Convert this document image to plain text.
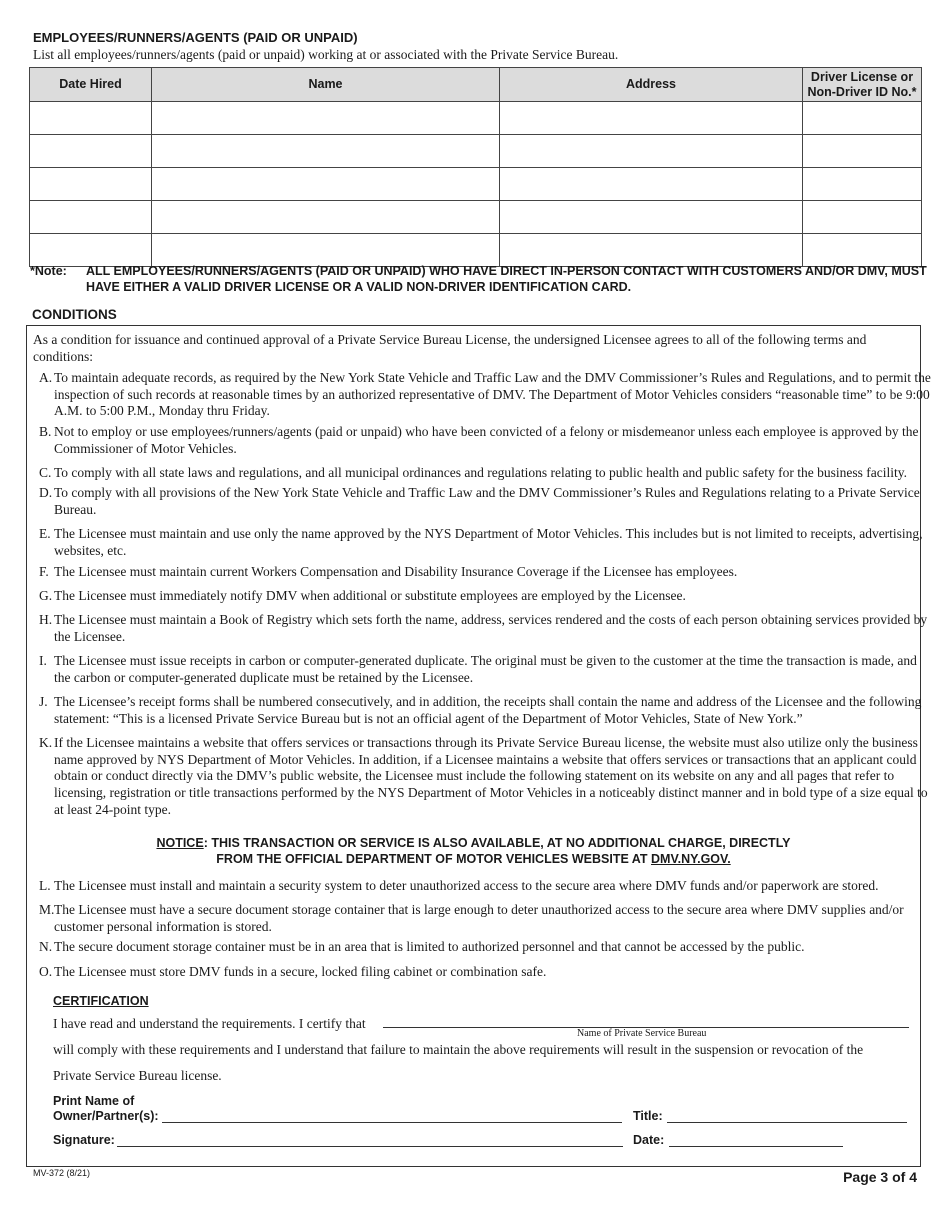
EMPLOYEES/RUNNERS/AGENTS (PAID OR UNPAID)
List all employees/runners/agents (paid or unpaid) working at or associated with the Private Service Bureau.
Date Hired	Name	Address	Driver License or Non-Driver ID No.*

*Note: ALL EMPLOYEES/RUNNERS/AGENTS (PAID OR UNPAID) WHO HAVE DIRECT IN-PERSON CONTACT WITH CUSTOMERS AND/OR DMV, MUST HAVE EITHER A VALID DRIVER LICENSE OR A VALID NON-DRIVER IDENTIFICATION CARD.
CONDITIONS
As a condition for issuance and continued approval of a Private Service Bureau License, the undersigned Licensee agrees to all of the following terms and conditions:
A. To maintain adequate records, as required by the New York State Vehicle and Traffic Law and the DMV Commissioner’s Rules and Regulations, and to permit the inspection of such records at reasonable times by an authorized representative of DMV. The Department of Motor Vehicles considers “reasonable time” to be 9:00 A.M. to 5:00 P.M., Monday thru Friday.
B. Not to employ or use employees/runners/agents (paid or unpaid) who have been convicted of a felony or misdemeanor unless each employee is approved by the Commissioner of Motor Vehicles.
C. To comply with all state laws and regulations, and all municipal ordinances and regulations relating to public health and public safety for the business facility.
D. To comply with all provisions of the New York State Vehicle and Traffic Law and the DMV Commissioner’s Rules and Regulations relating to a Private Service Bureau.
E. The Licensee must maintain and use only the name approved by the NYS Department of Motor Vehicles. This includes but is not limited to receipts, advertising, websites, etc.
F. The Licensee must maintain current Workers Compensation and Disability Insurance Coverage if the Licensee has employees.
G. The Licensee must immediately notify DMV when additional or substitute employees are employed by the Licensee.
H. The Licensee must maintain a Book of Registry which sets forth the name, address, services rendered and the costs of each person obtaining services provided by the Licensee.
I. The Licensee must issue receipts in carbon or computer-generated duplicate. The original must be given to the customer at the time the transaction is made, and the carbon or computer-generated duplicate must be retained by the Licensee.
J. The Licensee’s receipt forms shall be numbered consecutively, and in addition, the receipts shall contain the name and address of the Licensee and the following statement: “This is a licensed Private Service Bureau but is not an official agent of the Department of Motor Vehicles, State of New York.”
K. If the Licensee maintains a website that offers services or transactions through its Private Service Bureau license, the website must also utilize only the business name approved by NYS Department of Motor Vehicles. In addition, if a Licensee maintains a website that offers services or transactions that an applicant could obtain or conduct directly via the DMV’s public website, the Licensee must include the following statement on its website on any and all pages that refer to licensing, registration or title transactions performed by the NYS Department of Motor Vehicles in a noticeably distinct manner and in bold type of a size equal to at least 24-point type.
NOTICE: THIS TRANSACTION OR SERVICE IS ALSO AVAILABLE, AT NO ADDITIONAL CHARGE, DIRECTLY
FROM THE OFFICIAL DEPARTMENT OF MOTOR VEHICLES WEBSITE AT DMV.NY.GOV.
L. The Licensee must install and maintain a security system to deter unauthorized access to the secure area where DMV funds and/or paperwork are stored.
M. The Licensee must have a secure document storage container that is large enough to deter unauthorized access to the secure area where DMV supplies and/or customer personal information is stored.
N. The secure document storage container must be in an area that is limited to authorized personnel and that cannot be accessed by the public.
O. The Licensee must store DMV funds in a secure, locked filing cabinet or combination safe.
CERTIFICATION
I have read and understand the requirements. I certify that
Name of Private Service Bureau
will comply with these requirements and I understand that failure to maintain the above requirements will result in the suspension or revocation of the
Private Service Bureau license.
Print Name of
Owner/Partner(s):	Title:
Signature:	Date:
MV-372 (8/21)	Page 3 of 4
